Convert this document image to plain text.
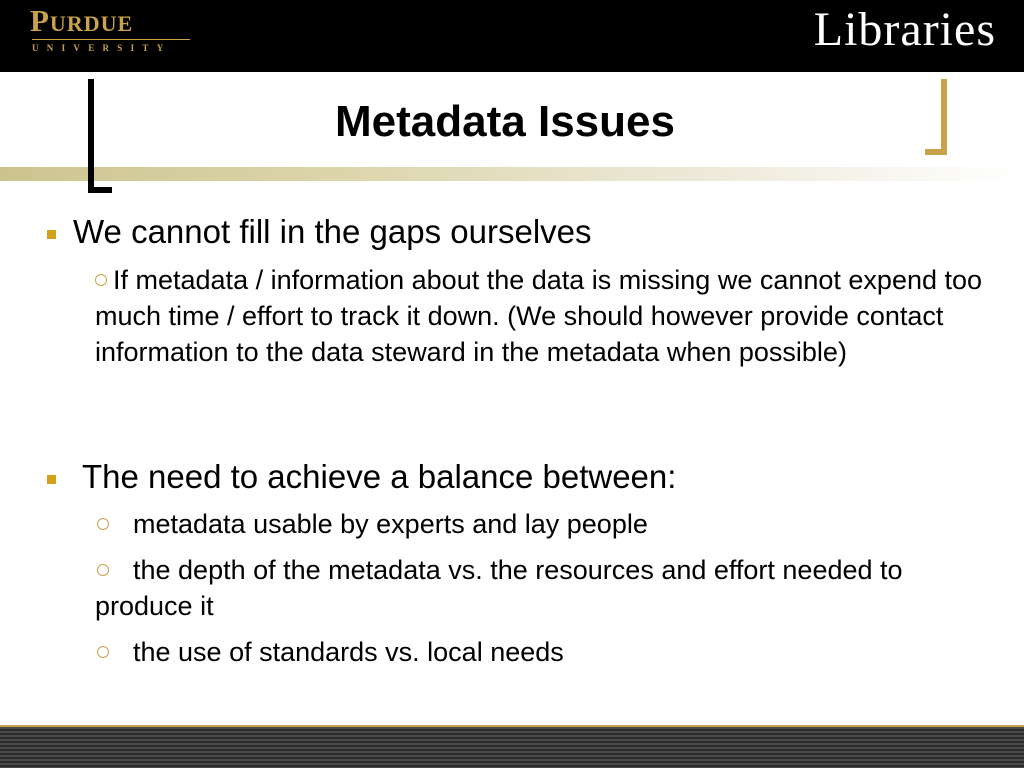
Purdue
UNIVERSITY	Libraries
Metadata Issues
We cannot fill in the gaps ourselves
If metadata / information about the data is missing we cannot expend too much time / effort to track it down. (We should however provide contact information to the data steward in the metadata when possible)
The need to achieve a balance between:
metadata usable by experts and lay people
the depth of the metadata vs. the resources and effort needed to produce it
the use of standards vs. local needs
